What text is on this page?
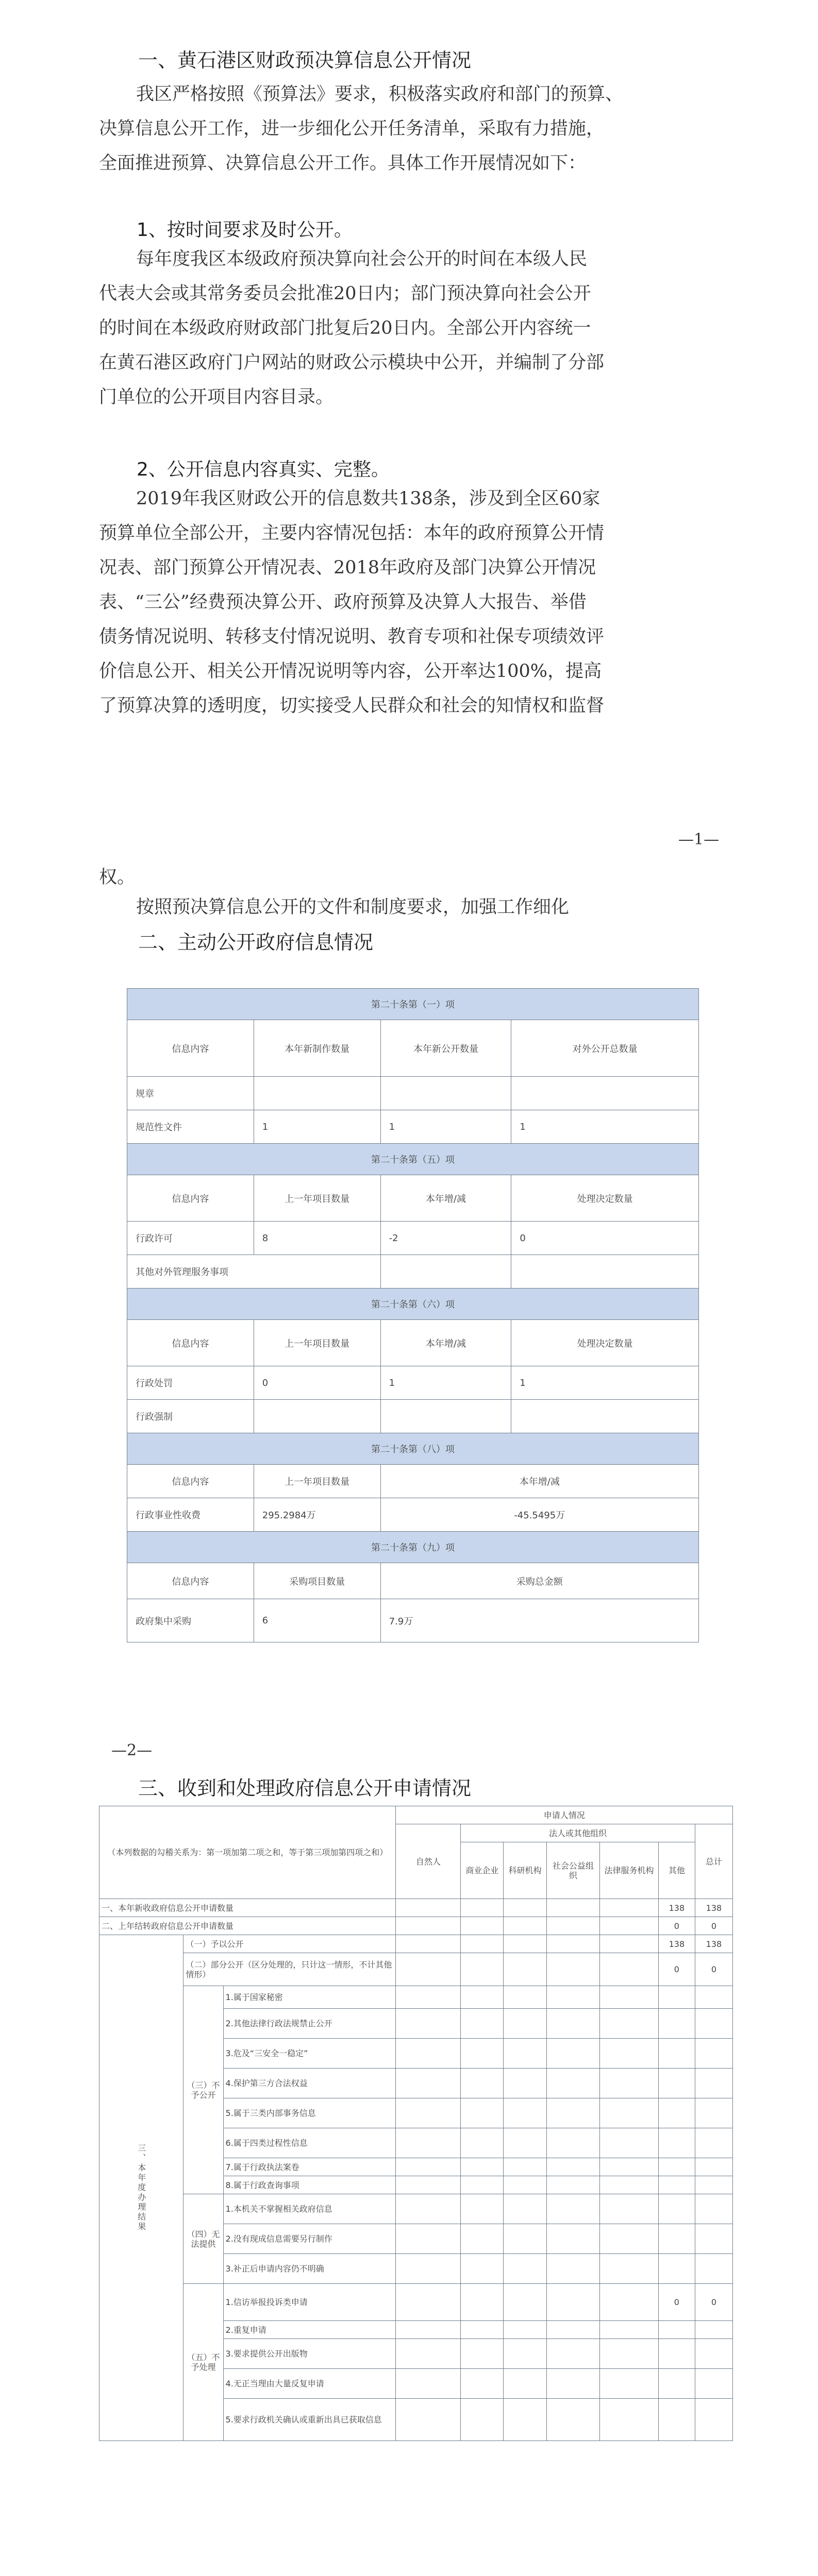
一、黄石港区财政预决算信息公开情况
我区严格按照《预算法》要求，积极落实政府和部门的预算、
决算信息公开工作，进一步细化公开任务清单，采取有力措施，
全面推进预算、决算信息公开工作。具体工作开展情况如下：
1、按时间要求及时公开。
每年度我区本级政府预决算向社会公开的时间在本级人民
代表大会或其常务委员会批准20日内；部门预决算向社会公开
的时间在本级政府财政部门批复后20日内。全部公开内容统一
在黄石港区政府门户网站的财政公示模块中公开，并编制了分部
门单位的公开项目内容目录。
2、公开信息内容真实、完整。
2019年我区财政公开的信息数共138条，涉及到全区60家
预算单位全部公开，主要内容情况包括：本年的政府预算公开情
况表、部门预算公开情况表、2018年政府及部门决算公开情况
表、“三公”经费预决算公开、政府预算及决算人大报告、举借
债务情况说明、转移支付情况说明、教育专项和社保专项绩效评
价信息公开、相关公开情况说明等内容，公开率达100%，提高
了预算决算的透明度，切实接受人民群众和社会的知情权和监督
—1—
权。
按照预决算信息公开的文件和制度要求，加强工作细化
二、主动公开政府信息情况
第二十条第（一）项			
信息内容	本年新制作数量	本年新公开数量	对外公开总数量
规章			
规范性文件	1	1	1
第二十条第（五）项			
信息内容	上一年项目数量	本年增/减	处理决定数量
行政许可	8	-2	0
其他对外管理服务事项			
第二十条第（六）项			
信息内容	上一年项目数量	本年增/减	处理决定数量
行政处罚	0	1	1
行政强制			
第二十条第（八）项			
信息内容	上一年项目数量	本年增/减	
行政事业性收费	295.2984万	-45.5495万	
第二十条第（九）项			
信息内容	采购项目数量	采购总金额	
政府集中采购	6	7.9万	
—2—
三、收到和处理政府信息公开申请情况
（本列数据的勾稽关系为：第一项加第二项之和，等于第三项加第四项之和）			申请人情况						
			自然人	法人或其他组织					总计
				商业企业	科研机构	社会公益组织	法律服务机构	其他	
一、本年新收政府信息公开申请数量								138	138
二、上年结转政府信息公开申请数量								0	0
三、本年度办理结果	（一）予以公开							138	138
	（二）部分公开（区分处理的，只计这一情形，不计其他情形）							0	0
	（三）不予公开	1.属于国家秘密							
		2.其他法律行政法规禁止公开							
		3.危及“三安全一稳定”							
		4.保护第三方合法权益							
		5.属于三类内部事务信息							
		6.属于四类过程性信息							
		7.属于行政执法案卷							
		8.属于行政查询事项							
	（四）无法提供	1.本机关不掌握相关政府信息							
		2.没有现成信息需要另行制作							
		3.补正后申请内容仍不明确							
	（五）不予处理	1.信访举报投诉类申请						0	0
		2.重复申请							
		3.要求提供公开出版物							
		4.无正当理由大量反复申请							
		5.要求行政机关确认或重新出具已获取信息							
